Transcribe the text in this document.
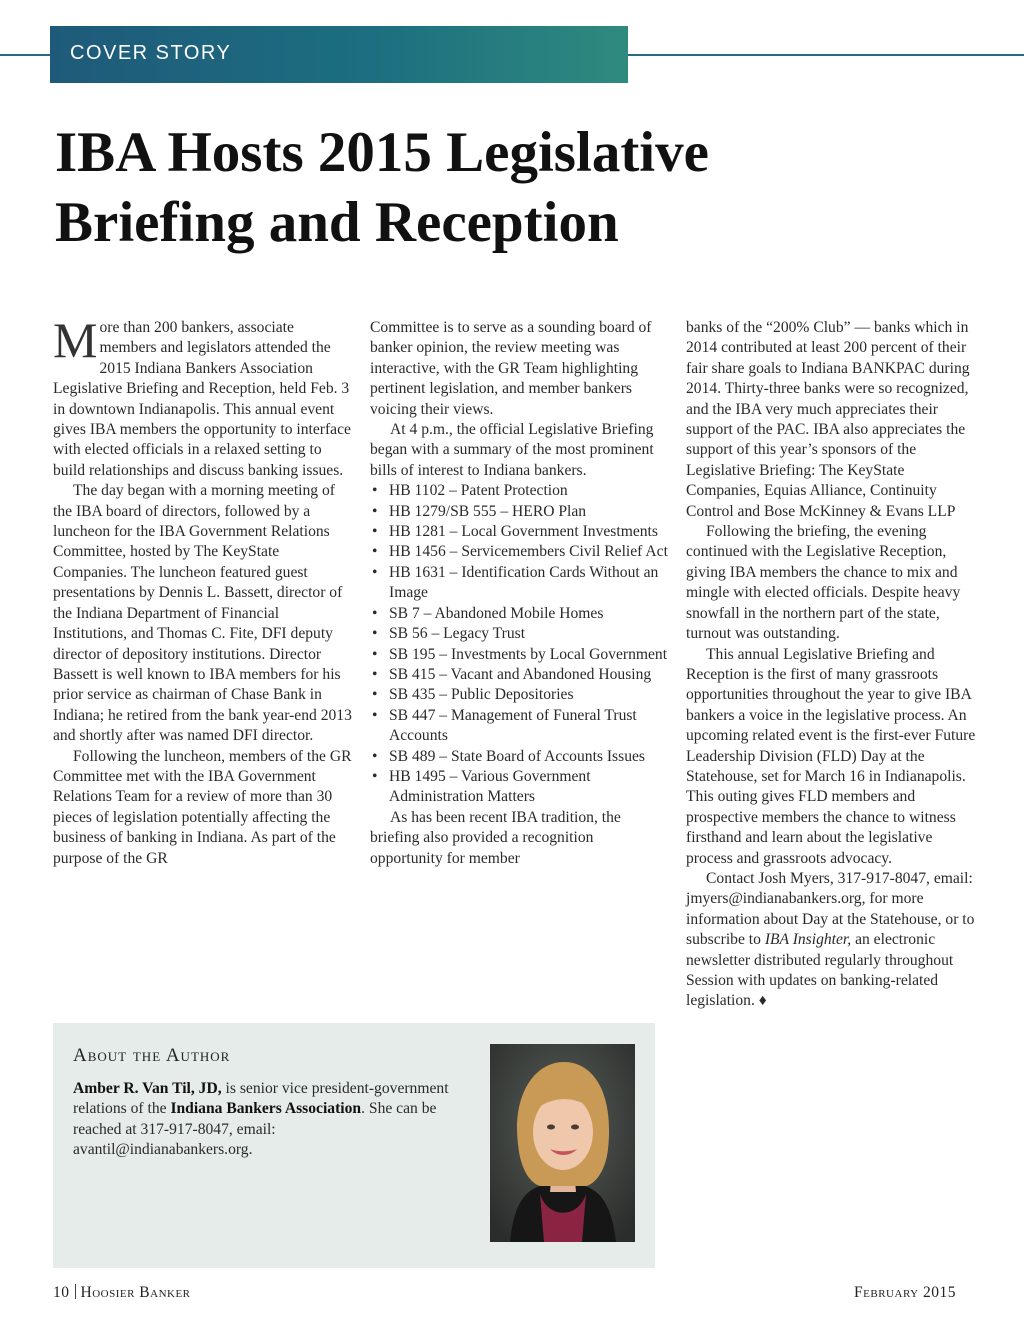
COVER STORY
IBA Hosts 2015 Legislative
Briefing and Reception

More than 200 bankers, associate members and legislators attended the 2015 Indiana Bankers Association Legislative Briefing and Reception, held Feb. 3 in downtown Indianapolis. This annual event gives IBA members the opportunity to interface with elected officials in a relaxed setting to build relationships and discuss banking issues.

The day began with a morning meeting of the IBA board of directors, followed by a luncheon for the IBA Government Relations Committee, hosted by The KeyState Companies. The luncheon featured guest presentations by Dennis L. Bassett, director of the Indiana Department of Financial Institutions, and Thomas C. Fite, DFI deputy director of depository institutions. Director Bassett is well known to IBA members for his prior service as chairman of Chase Bank in Indiana; he retired from the bank year-end 2013 and shortly after was named DFI director.

Following the luncheon, members of the GR Committee met with the IBA Government Relations Team for a review of more than 30 pieces of legislation potentially affecting the business of banking in Indiana. As part of the purpose of the GR

Committee is to serve as a sounding board of banker opinion, the review meeting was interactive, with the GR Team highlighting pertinent legislation, and member bankers voicing their views.

At 4 p.m., the official Legislative Briefing began with a summary of the most prominent bills of interest to Indiana bankers.

• HB 1102 – Patent Protection
• HB 1279/SB 555 – HERO Plan
• HB 1281 – Local Government Investments
• HB 1456 – Servicemembers Civil Relief Act
• HB 1631 – Identification Cards Without an Image
• SB 7 – Abandoned Mobile Homes
• SB 56 – Legacy Trust
• SB 195 – Investments by Local Government
• SB 415 – Vacant and Abandoned Housing
• SB 435 – Public Depositories
• SB 447 – Management of Funeral Trust Accounts
• SB 489 – State Board of Accounts Issues
• HB 1495 – Various Government Administration Matters

As has been recent IBA tradition, the briefing also provided a recognition opportunity for member

banks of the “200% Club” — banks which in 2014 contributed at least 200 percent of their fair share goals to Indiana BANKPAC during 2014. Thirty-three banks were so recognized, and the IBA very much appreciates their support of the PAC. IBA also appreciates the support of this year’s sponsors of the Legislative Briefing: The KeyState Companies, Equias Alliance, Continuity Control and Bose McKinney & Evans LLP

Following the briefing, the evening continued with the Legislative Reception, giving IBA members the chance to mix and mingle with elected officials. Despite heavy snowfall in the northern part of the state, turnout was outstanding.

This annual Legislative Briefing and Reception is the first of many grassroots opportunities throughout the year to give IBA bankers a voice in the legislative process. An upcoming related event is the first-ever Future Leadership Division (FLD) Day at the Statehouse, set for March 16 in Indianapolis. This outing gives FLD members and prospective members the chance to witness firsthand and learn about the legislative process and grassroots advocacy.

Contact Josh Myers, 317-917-8047, email: jmyers@indianabankers.org, for more information about Day at the Statehouse, or to subscribe to IBA Insighter, an electronic newsletter distributed regularly throughout Session with updates on banking-related legislation. ♦

About the Author
Amber R. Van Til, JD, is senior vice president-government relations of the Indiana Bankers Association. She can be reached at 317-917-8047, email: avantil@indianabankers.org.
10 Hoosier Banker	February 2015
